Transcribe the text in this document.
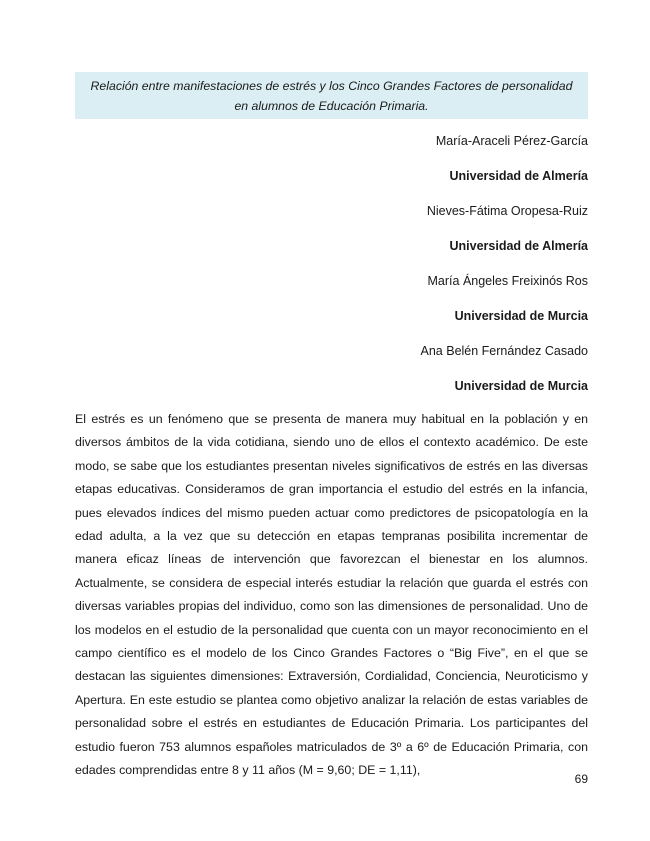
Relación entre manifestaciones de estrés y los Cinco Grandes Factores de personalidad
en alumnos de Educación Primaria.
María-Araceli Pérez-García
Universidad de Almería
Nieves-Fátima Oropesa-Ruiz
Universidad de Almería
María Ángeles Freixinós Ros
Universidad de Murcia
Ana Belén Fernández Casado
Universidad de Murcia

El estrés es un fenómeno que se presenta de manera muy habitual en la población y en diversos ámbitos de la vida cotidiana, siendo uno de ellos el contexto académico. De este modo, se sabe que los estudiantes presentan niveles significativos de estrés en las diversas etapas educativas. Consideramos de gran importancia el estudio del estrés en la infancia, pues elevados índices del mismo pueden actuar como predictores de psicopatología en la edad adulta, a la vez que su detección en etapas tempranas posibilita incrementar de manera eficaz líneas de intervención que favorezcan el bienestar en los alumnos. Actualmente, se considera de especial interés estudiar la relación que guarda el estrés con diversas variables propias del individuo, como son las dimensiones de personalidad. Uno de los modelos en el estudio de la personalidad que cuenta con un mayor reconocimiento en el campo científico es el modelo de los Cinco Grandes Factores o “Big Five”, en el que se destacan las siguientes dimensiones: Extraversión, Cordialidad, Conciencia, Neuroticismo y Apertura. En este estudio se plantea como objetivo analizar la relación de estas variables de personalidad sobre el estrés en estudiantes de Educación Primaria. Los participantes del estudio fueron 753 alumnos españoles matriculados de 3º a 6º de Educación Primaria, con edades comprendidas entre 8 y 11 años (M = 9,60; DE = 1,11),

69
